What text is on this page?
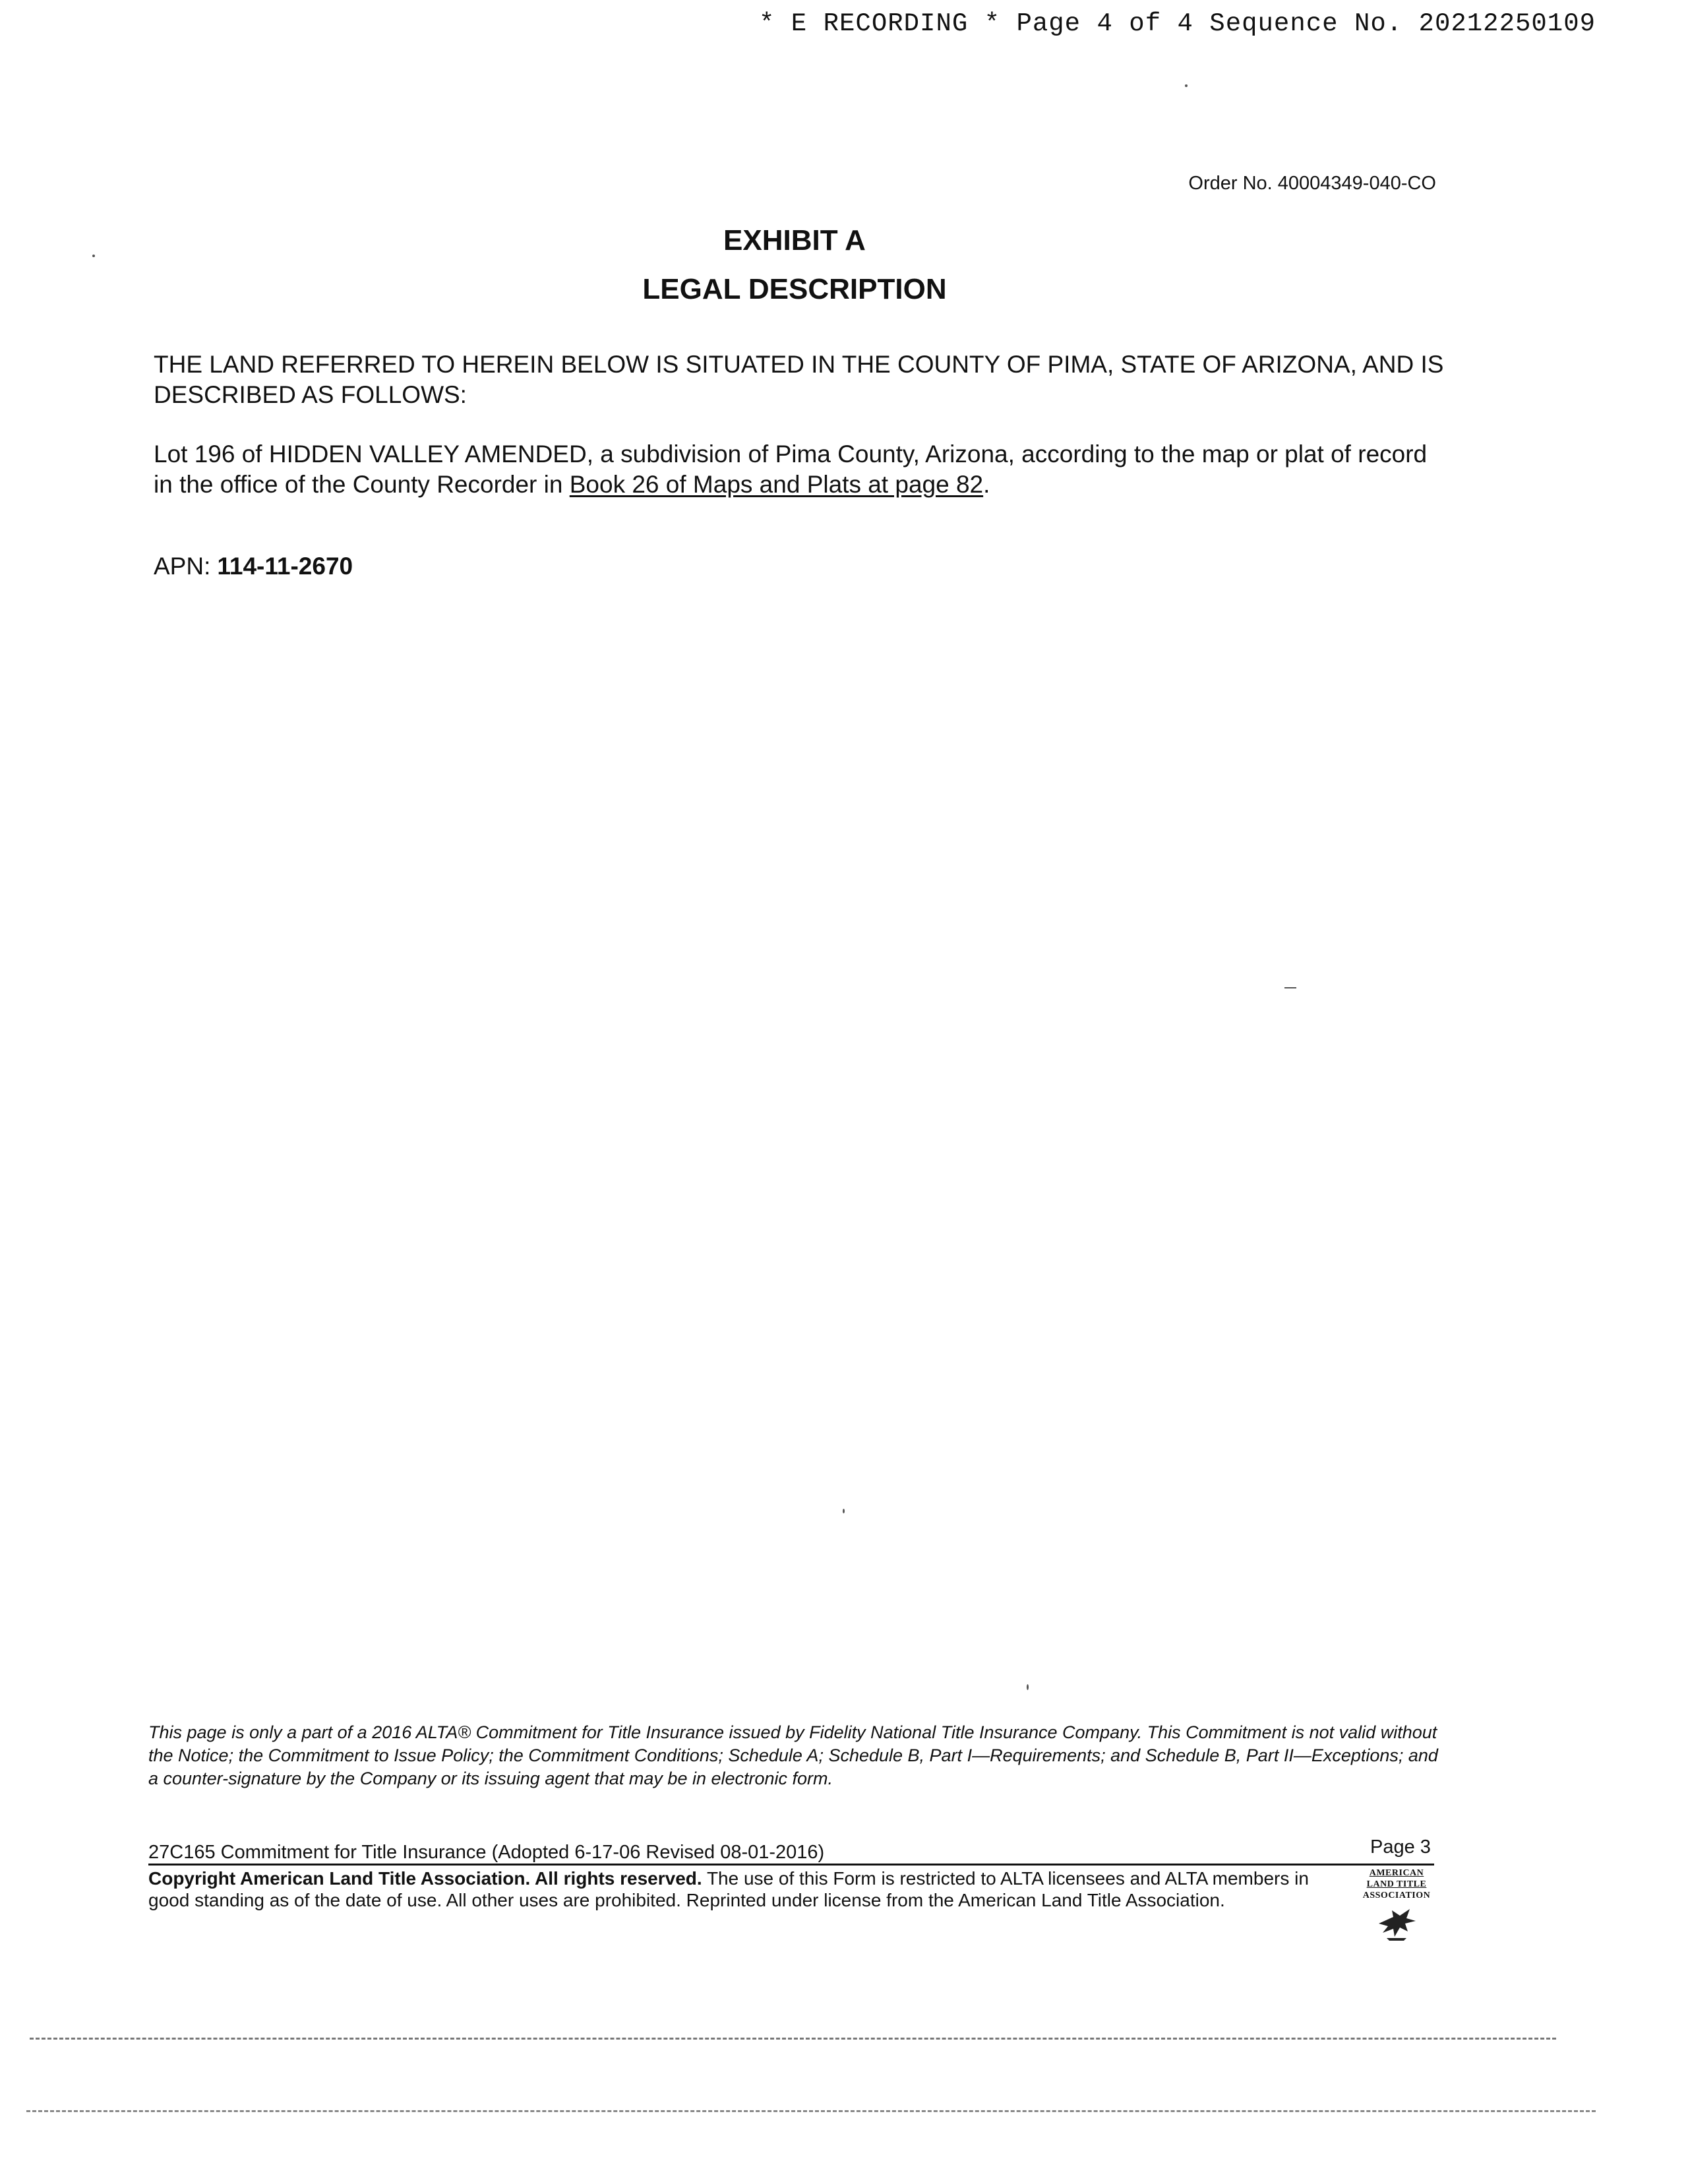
* E RECORDING * Page 4 of 4 Sequence No. 20212250109
Order No. 40004349-040-CO
EXHIBIT A
LEGAL DESCRIPTION
THE LAND REFERRED TO HEREIN BELOW IS SITUATED IN THE COUNTY OF PIMA, STATE OF ARIZONA, AND IS DESCRIBED AS FOLLOWS:
Lot 196 of HIDDEN VALLEY AMENDED, a subdivision of Pima County, Arizona, according to the map or plat of record in the office of the County Recorder in Book 26 of Maps and Plats at page 82.
APN: 114-11-2670
This page is only a part of a 2016 ALTA® Commitment for Title Insurance issued by Fidelity National Title Insurance Company. This Commitment is not valid without the Notice; the Commitment to Issue Policy; the Commitment Conditions; Schedule A; Schedule B, Part I—Requirements; and Schedule B, Part II—Exceptions; and a counter-signature by the Company or its issuing agent that may be in electronic form.
27C165 Commitment for Title Insurance (Adopted 6-17-06 Revised 08-01-2016)	Page 3
Copyright American Land Title Association. All rights reserved. The use of this Form is restricted to ALTA licensees and ALTA members in good standing as of the date of use. All other uses are prohibited. Reprinted under license from the American Land Title Association.
AMERICAN
LAND TITLE
ASSOCIATION
